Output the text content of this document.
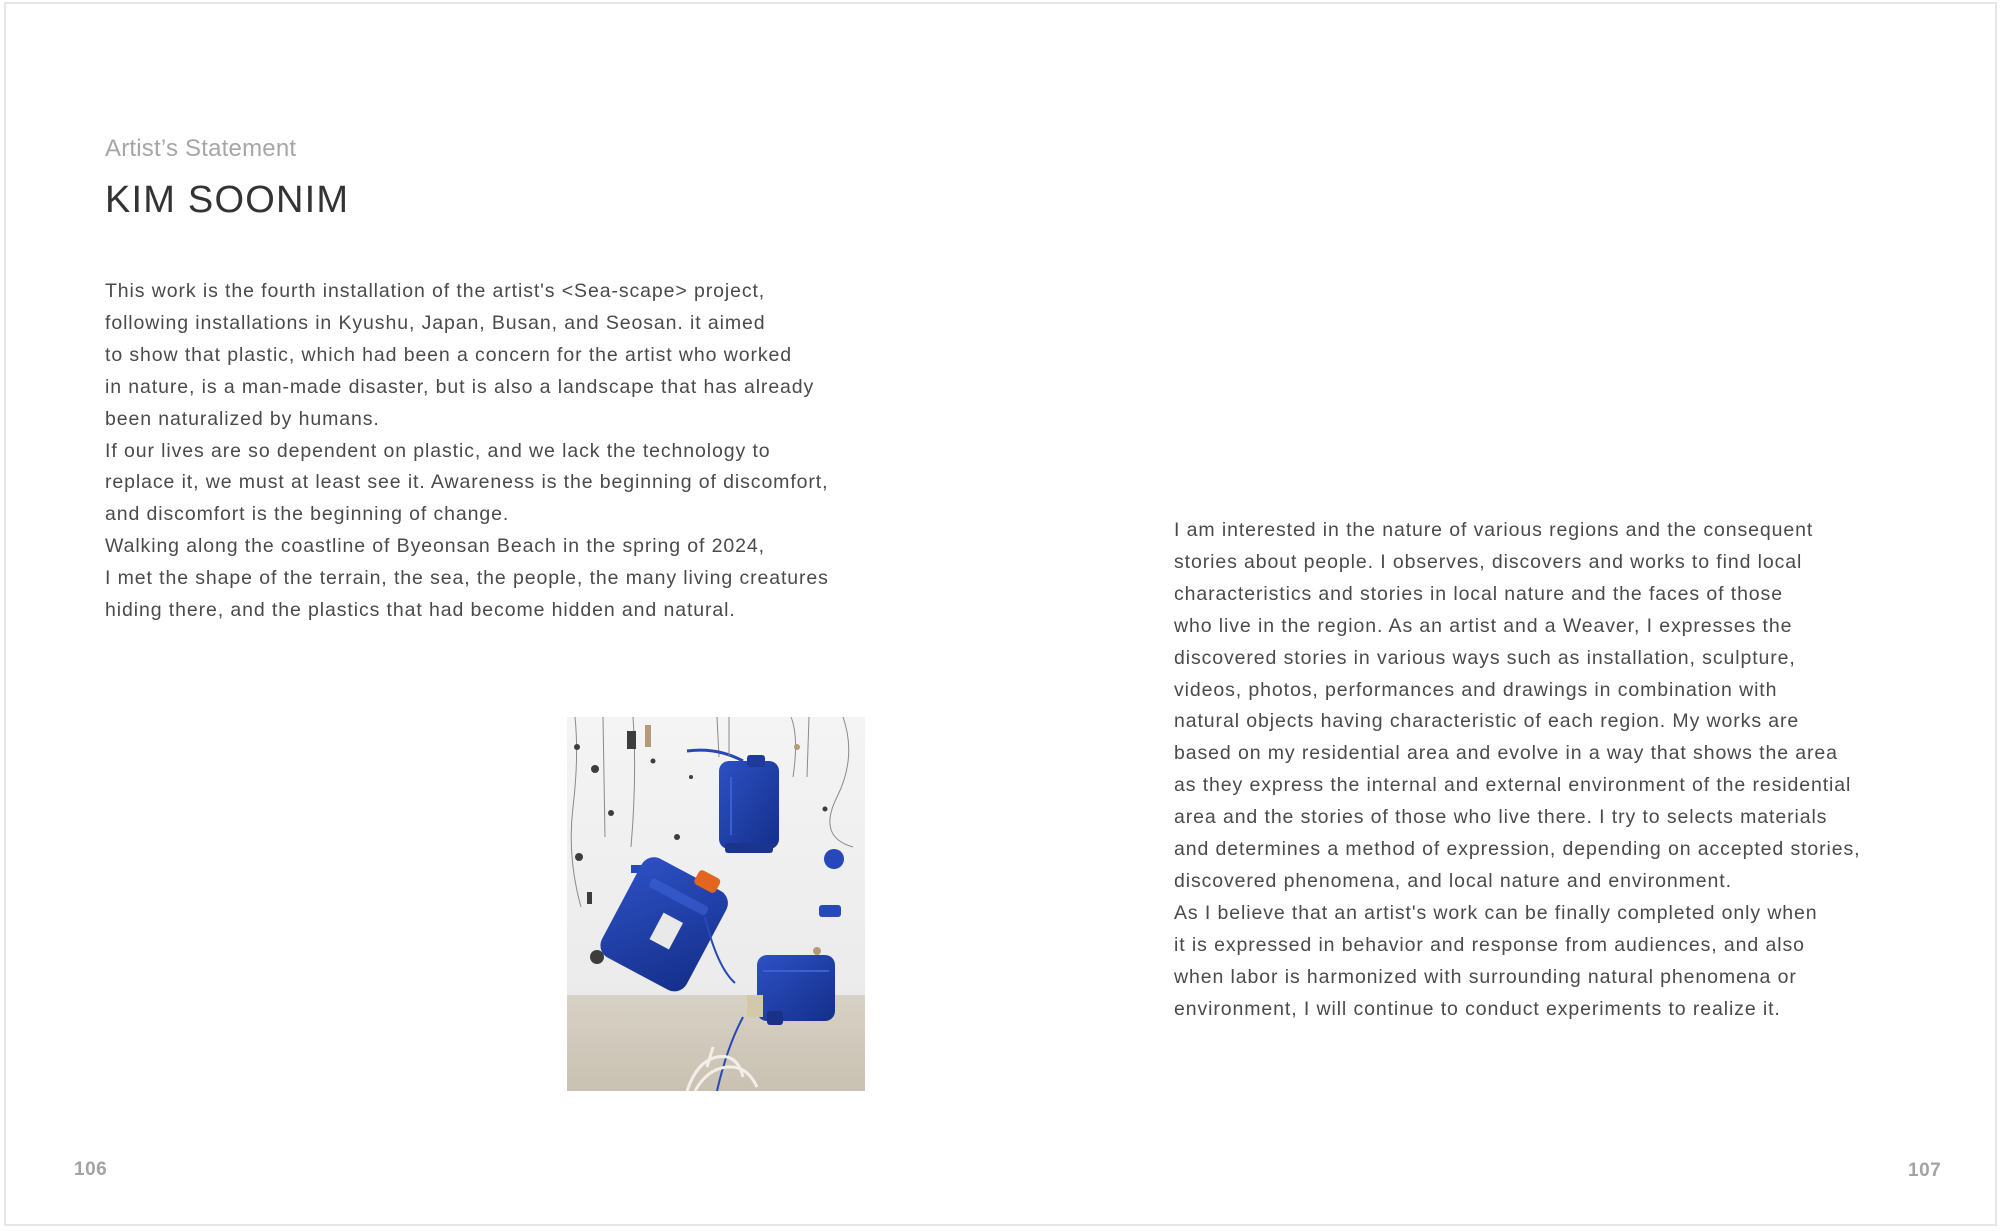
Artist’s Statement
KIM SOONIM
This work is the fourth installation of the artist's <Sea-scape> project,
following installations in Kyushu, Japan, Busan, and Seosan. it aimed
to show that plastic, which had been a concern for the artist who worked
in nature, is a man-made disaster, but is also a landscape that has already
been naturalized by humans.
If our lives are so dependent on plastic, and we lack the technology to
replace it, we must at least see it. Awareness is the beginning of discomfort,
and discomfort is the beginning of change.
Walking along the coastline of Byeonsan Beach in the spring of 2024,
I met the shape of the terrain, the sea, the people, the many living creatures
hiding there, and the plastics that had become hidden and natural.
106
I am interested in the nature of various regions and the consequent
stories about people. I observes, discovers and works to find local
characteristics and stories in local nature and the faces of those
who live in the region. As an artist and a Weaver, I expresses the
discovered stories in various ways such as installation, sculpture,
videos, photos, performances and drawings in combination with
natural objects having characteristic of each region. My works are
based on my residential area and evolve in a way that shows the area
as they express the internal and external environment of the residential
area and the stories of those who live there. I try to selects materials
and determines a method of expression, depending on accepted stories,
discovered phenomena, and local nature and environment.
As I believe that an artist's work can be finally completed only when
it is expressed in behavior and response from audiences, and also
when labor is harmonized with surrounding natural phenomena or
environment, I will continue to conduct experiments to realize it.
107
